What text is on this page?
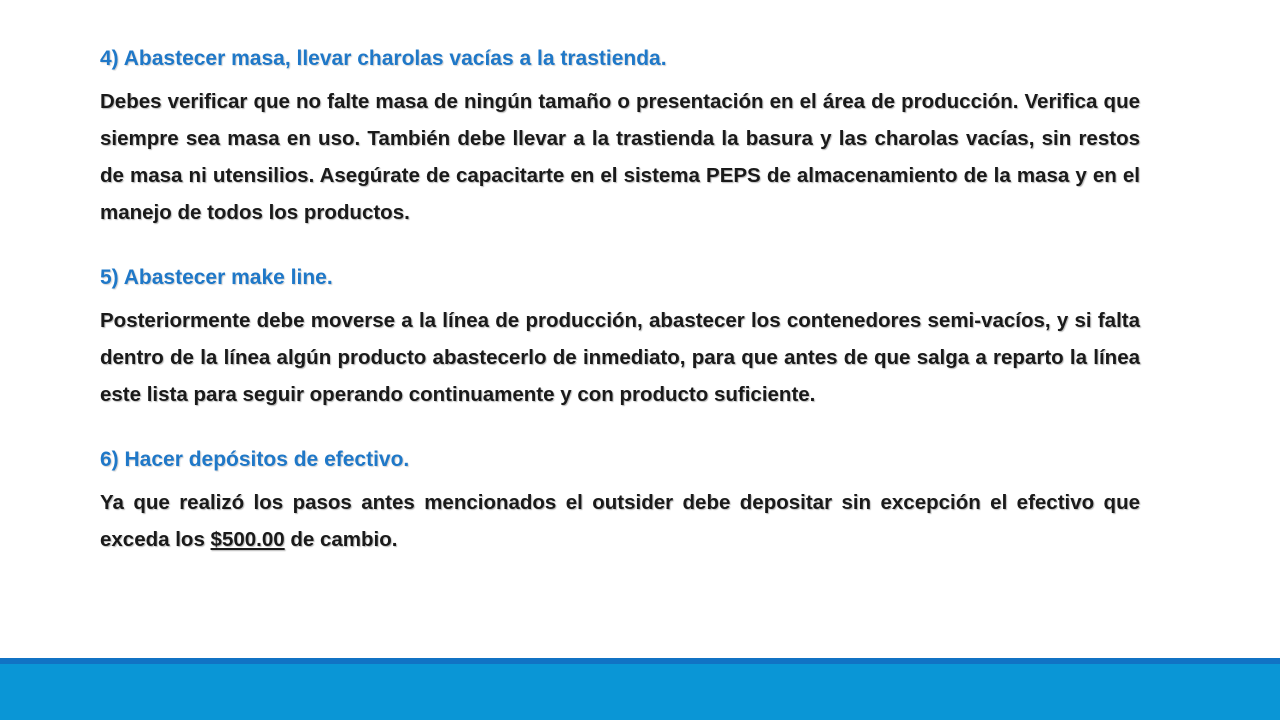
4) Abastecer masa, llevar charolas vacías a la trastienda.

Debes verificar que no falte masa de ningún tamaño o presentación en el área de producción. Verifica que siempre sea masa en uso. También debe llevar a la trastienda la basura y las charolas vacías, sin restos de masa ni utensilios. Asegúrate de capacitarte en el sistema PEPS de almacenamiento de la masa y en el manejo de todos los productos.

5) Abastecer make line.

Posteriormente debe moverse a la línea de producción, abastecer los contenedores semi-vacíos, y si falta dentro de la línea algún producto abastecerlo de inmediato, para que antes de que salga a reparto la línea este lista para seguir operando continuamente y con producto suficiente.

6) Hacer depósitos de efectivo.

Ya que realizó los pasos antes mencionados el outsider debe depositar sin excepción el efectivo que exceda los $500.00 de cambio.
